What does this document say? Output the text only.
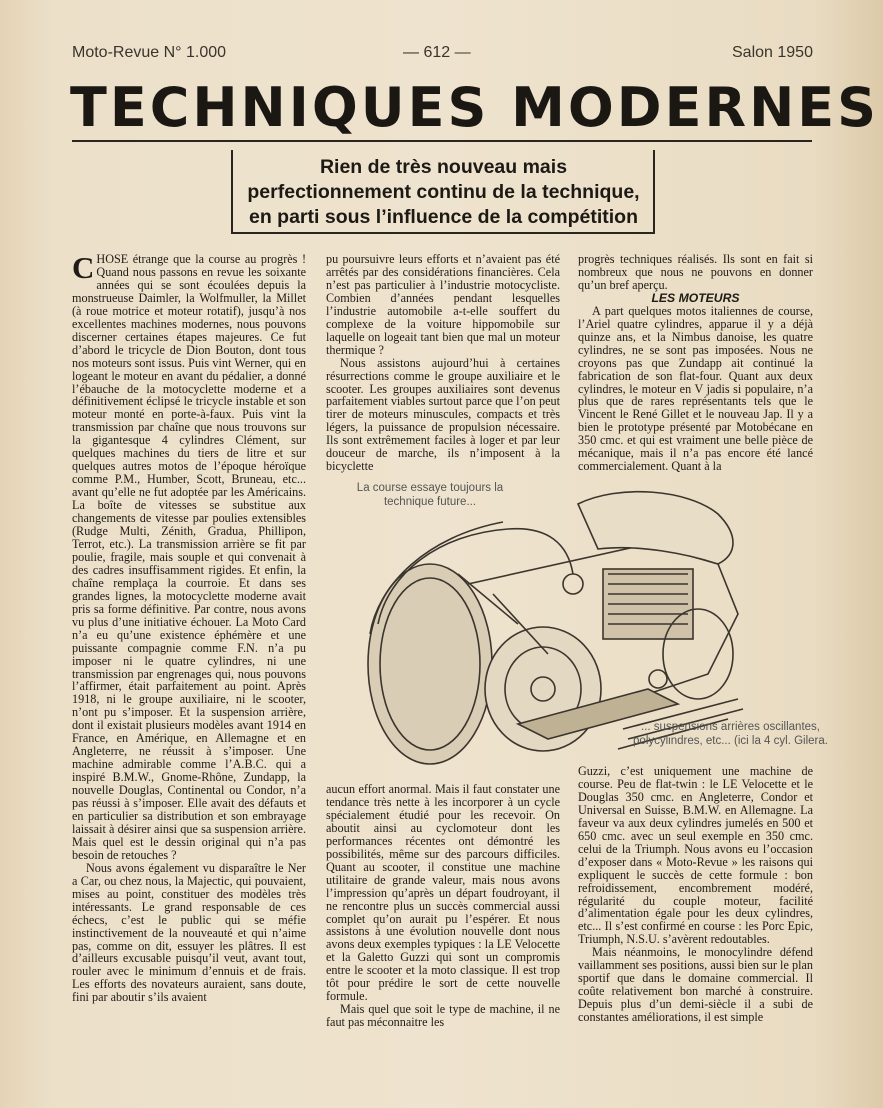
Moto-Revue N° 1.000	— 612 —	Salon 1950
TECHNIQUES MODERNES

Rien de très nouveau mais perfectionnement continu de la technique, en parti sous l’influence de la compétition

CHOSE étrange que la course au progrès ! Quand nous passons en revue les soixante années qui se sont écoulées depuis la monstrueuse Daimler, la Wolfmuller, la Millet (à roue motrice et moteur rotatif), jusqu’à nos excellentes machines modernes, nous pouvons discerner certaines étapes majeures. Ce fut d’abord le tricycle de Dion Bouton, dont tous nos moteurs sont issus. Puis vint Werner, qui en logeant le moteur en avant du pédalier, a donné l’ébauche de la motocyclette moderne et a définitivement éclipsé le tricycle instable et son moteur monté en porte-à-faux. Puis vint la transmission par chaîne que nous trouvons sur la gigantesque 4 cylindres Clément, sur quelques machines du tiers de litre et sur quelques autres motos de l’époque héroïque comme P.M., Humber, Scott, Bruneau, etc... avant qu’elle ne fut adoptée par les Américains. La boîte de vitesses se substitue aux changements de vitesse par poulies extensibles (Rudge Multi, Zénith, Gradua, Phillipon, Terrot, etc.). La transmission arrière se fit par poulie, fragile, mais souple et qui convenait à des cadres insuffisamment rigides. Et enfin, la chaîne remplaça la courroie. Et dans ses grandes lignes, la motocyclette moderne avait pris sa forme définitive. Par contre, nous avons vu plus d’une initiative échouer. La Moto Card n’a eu qu’une existence éphémère et une puissante compagnie comme F.N. n’a pu imposer ni le quatre cylindres, ni une transmission par engrenages qui, nous pouvons l’affirmer, était parfaitement au point. Après 1918, ni le groupe auxiliaire, ni le scooter, n’ont pu s’imposer. Et la suspension arrière, dont il existait plusieurs modèles avant 1914 en France, en Amérique, en Allemagne et en Angleterre, ne réussit à s’imposer. Une machine admirable comme l’A.B.C. qui a inspiré B.M.W., Gnome-Rhône, Zundapp, la nouvelle Douglas, Continental ou Condor, n’a pas réussi à s’imposer. Elle avait des défauts et en particulier sa distribution et son embrayage laissait à désirer ainsi que sa suspension arrière. Mais quel est le dessin original qui n’a pas besoin de retouches ?

Nous avons également vu disparaître le Ner a Car, ou chez nous, la Majectic, qui pouvaient, mises au point, constituer des modèles très intéressants. Le grand responsable de ces échecs, c’est le public qui se méfie instinctivement de la nouveauté et qui n’aime pas, comme on dit, essuyer les plâtres. Il est d’ailleurs excusable puisqu’il veut, avant tout, rouler avec le minimum d’ennuis et de frais. Les efforts des novateurs auraient, sans doute, fini par aboutir s’ils avaient

pu poursuivre leurs efforts et n’avaient pas été arrêtés par des considérations financières. Cela n’est pas particulier à l’industrie motocycliste. Combien d’années pendant lesquelles l’industrie automobile a-t-elle souffert du complexe de la voiture hippomobile sur laquelle on logeait tant bien que mal un moteur thermique ?

Nous assistons aujourd’hui à certaines résurrections comme le groupe auxiliaire et le scooter. Les groupes auxiliaires sont devenus parfaitement viables surtout parce que l’on peut tirer de moteurs minuscules, compacts et très légers, la puissance de propulsion nécessaire. Ils sont extrêmement faciles à loger et par leur douceur de marche, ils n’imposent à la bicyclette

progrès techniques réalisés. Ils sont en fait si nombreux que nous ne pouvons en donner qu’un bref aperçu.

LES MOTEURS

A part quelques motos italiennes de course, l’Ariel quatre cylindres, apparue il y a déjà quinze ans, et la Nimbus danoise, les quatre cylindres, ne se sont pas imposées. Nous ne croyons pas que Zundapp ait continué la fabrication de son flat-four. Quant aux deux cylindres, le moteur en V jadis si populaire, n’a plus que de rares représentants tels que le Vincent le René Gillet et le nouveau Jap. Il y a bien le prototype présenté par Motobécane en 350 cmc. et qui est vraiment une belle pièce de mécanique, mais il n’a pas encore été lancé commercialement. Quant à la

La course essaye toujours la technique future...
... suspensions arrières oscillantes, polycylindres, etc... (ici la 4 cyl. Gilera.

aucun effort anormal. Mais il faut constater une tendance très nette à les incorporer à un cycle spécialement étudié pour les recevoir. On aboutit ainsi au cyclomoteur dont les performances récentes ont démontré les possibilités, même sur des parcours difficiles. Quant au scooter, il constitue une machine utilitaire de grande valeur, mais nous avons l’impression qu’après un départ foudroyant, il ne rencontre plus un succès commercial aussi complet qu’on aurait pu l’espérer. Et nous assistons à une évolution nouvelle dont nous avons deux exemples typiques : la LE Velocette et la Galetto Guzzi qui sont un compromis entre le scooter et la moto classique. Il est trop tôt pour prédire le sort de cette nouvelle formule.

Mais quel que soit le type de machine, il ne faut pas méconnaitre les

Guzzi, c’est uniquement une machine de course. Peu de flat-twin : le LE Velocette et le Douglas 350 cmc. en Angleterre, Condor et Universal en Suisse, B.M.W. en Allemagne. La faveur va aux deux cylindres jumelés en 500 et 650 cmc. avec un seul exemple en 350 cmc. celui de la Triumph. Nous avons eu l’occasion d’exposer dans « Moto-Revue » les raisons qui expliquent le succès de cette formule : bon refroidissement, encombrement modéré, régularité du couple moteur, facilité d’alimentation égale pour les deux cylindres, etc... Il s’est confirmé en course : les Porc Epic, Triumph, N.S.U. s’avèrent redoutables.

Mais néanmoins, le monocylindre défend vaillamment ses positions, aussi bien sur le plan sportif que dans le domaine commercial. Il coûte relativement bon marché à construire. Depuis plus d’un demi-siècle il a subi de constantes améliorations, il est simple
